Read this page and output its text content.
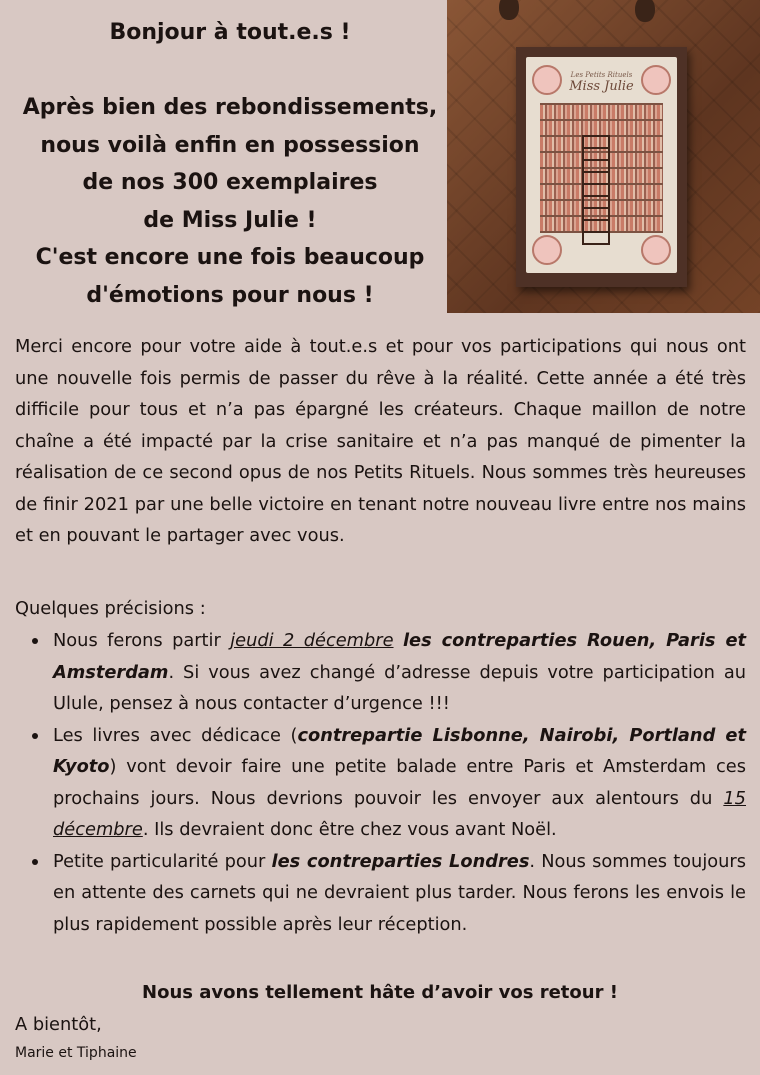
Bonjour à tout.e.s !
Après bien des rebondissements,
nous voilà enfin en possession
de nos 300 exemplaires
de Miss Julie !
C'est encore une fois beaucoup
d'émotions pour nous !
Les Petits Rituels
Miss Julie
Merci encore pour votre aide à tout.e.s et pour vos participations qui nous ont une nouvelle fois permis de passer du rêve à la réalité. Cette année a été très difficile pour tous et n’a pas épargné les créateurs. Chaque maillon de notre chaîne a été impacté par la crise sanitaire et n’a pas manqué de pimenter la réalisation de ce second opus de nos Petits Rituels. Nous sommes très heureuses de finir 2021 par une belle victoire en tenant notre nouveau livre entre nos mains et en pouvant le partager avec vous.
Quelques précisions :
Nous ferons partir jeudi 2 décembre les contreparties Rouen, Paris et Amsterdam. Si vous avez changé d’adresse depuis votre participation au Ulule, pensez à nous contacter d’urgence !!!
Les livres avec dédicace (contrepartie Lisbonne, Nairobi, Portland et Kyoto) vont devoir faire une petite balade entre Paris et Amsterdam ces prochains jours. Nous devrions pouvoir les envoyer aux alentours du 15 décembre. Ils devraient donc être chez vous avant Noël.
Petite particularité pour les contreparties Londres. Nous sommes toujours en attente des carnets qui ne devraient plus tarder. Nous ferons les envois le plus rapidement possible après leur réception.
Nous avons tellement hâte d’avoir vos retour !
A bientôt,
Marie et Tiphaine
